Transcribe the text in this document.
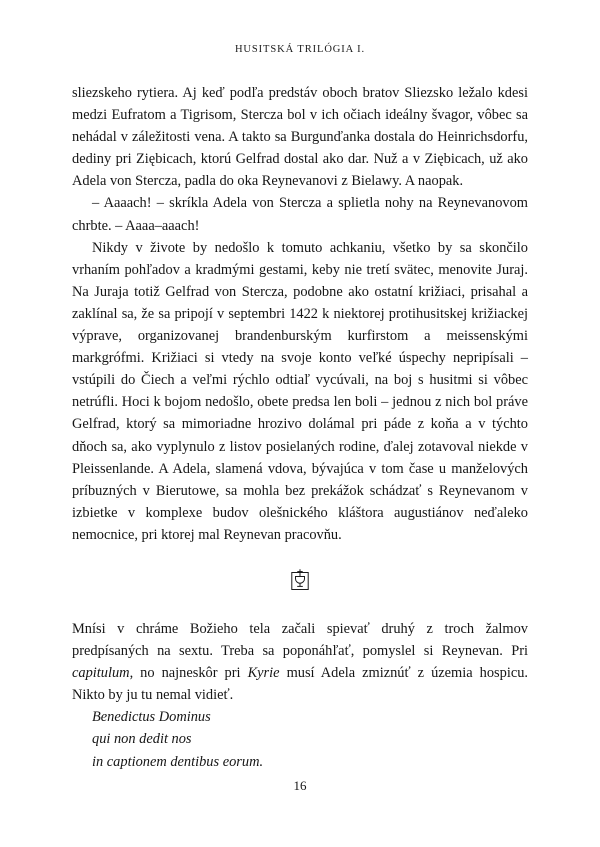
HUSITSKÁ TRILÓGIA I.

sliezskeho rytiera. Aj keď podľa predstáv oboch bratov Sliezsko ležalo kdesi medzi Eufratom a Tigrisom, Stercza bol v ich očiach ideálny švagor, vôbec sa nehádal v záležitosti vena. A takto sa Burgunďanka dostala do Heinrichsdorfu, dediny pri Ziębicach, ktorú Gelfrad dostal ako dar. Nuž a v Ziębicach, už ako Adela von Stercza, padla do oka Reynevanovi z Bielawy. A naopak.

– Aaaach! – skríkla Adela von Stercza a splietla nohy na Reynevanovom chrbte. – Aaaa–aaach!

Nikdy v živote by nedošlo k tomuto achkaniu, všetko by sa skončilo vrhaním pohľadov a kradmými gestami, keby nie tretí svätec, menovite Juraj. Na Juraja totiž Gelfrad von Stercza, podobne ako ostatní križiaci, prisahal a zaklínal sa, že sa pripojí v septembri 1422 k niektorej protihusitskej križiackej výprave, organizovanej brandenburským kurfirstom a meissenskými markgrófmi. Križiaci si vtedy na svoje konto veľké úspechy nepripísali – vstúpili do Čiech a veľmi rýchlo odtiaľ vycúvali, na boj s husitmi si vôbec netrúfli. Hoci k bojom nedošlo, obete predsa len boli – jednou z nich bol práve Gelfrad, ktorý sa mimoriadne hrozivo dolámal pri páde z koňa a v týchto dňoch sa, ako vyplynulo z listov posielaných rodine, ďalej zotavoval niekde v Pleissenlande. A Adela, slamená vdova, bývajúca v tom čase u manželových príbuzných v Bierutowe, sa mohla bez prekážok schádzať s Reynevanom v izbietke v komplexe budov olešnického kláštora augustiánov neďaleko nemocnice, pri ktorej mal Reynevan pracovňu.

Mnísi v chráme Božieho tela začali spievať druhý z troch žalmov predpísaných na sextu. Treba sa poponáhľať, pomyslel si Reynevan. Pri capitulum, no najneskôr pri Kyrie musí Adela zmiznúť z územia hospicu. Nikto by ju tu nemal vidieť.

Benedictus Dominus
qui non dedit nos
in captionem dentibus eorum.
16
